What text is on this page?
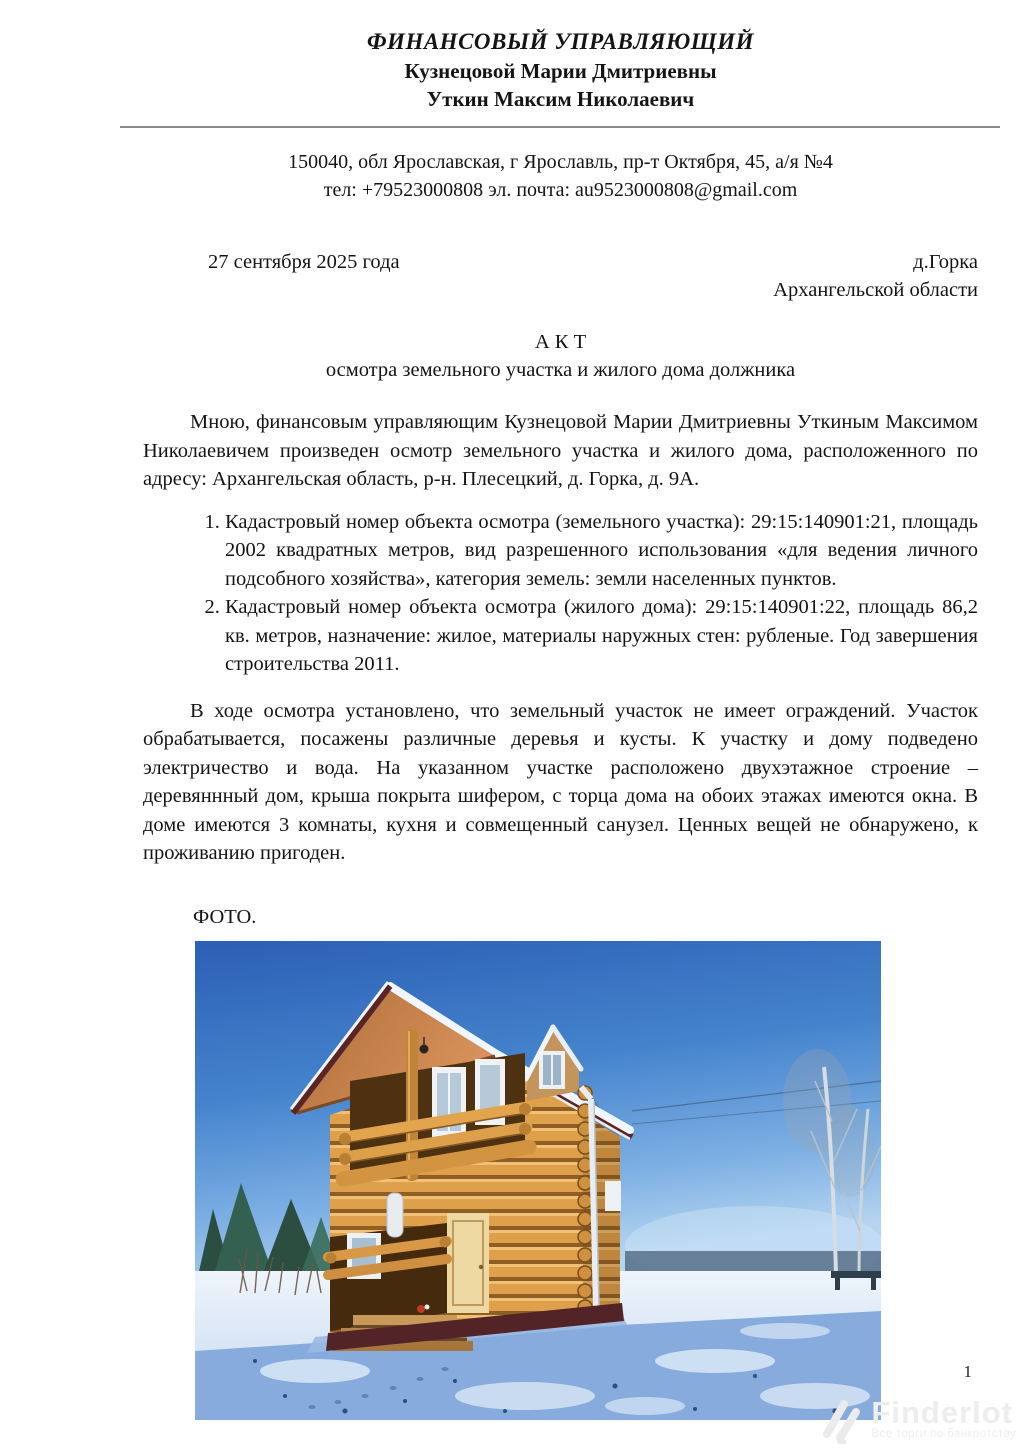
ФИНАНСОВЫЙ УПРАВЛЯЮЩИЙ
Кузнецовой Марии Дмитриевны
Уткин Максим Николаевич
150040, обл Ярославская, г Ярославль, пр-т Октября, 45, а/я №4
тел: +79523000808 эл. почта: au9523000808@gmail.com
27 сентября 2025 года	д.Горка
Архангельской области
А К Т
осмотра земельного участка и жилого дома должника

Мною, финансовым управляющим Кузнецовой Марии Дмитриевны Уткиным Максимом Николаевичем произведен осмотр земельного участка и жилого дома, расположенного по адресу: Архангельская область, р-н. Плесецкий, д. Горка, д. 9А.

1. Кадастровый номер объекта осмотра (земельного участка): 29:15:140901:21, площадь 2002 квадратных метров, вид разрешенного использования «для ведения личного подсобного хозяйства», категория земель: земли населенных пунктов.
2. Кадастровый номер объекта осмотра (жилого дома): 29:15:140901:22, площадь 86,2 кв. метров, назначение: жилое, материалы наружных стен: рубленые. Год завершения строительства 2011.

В ходе осмотра установлено, что земельный участок не имеет ограждений. Участок обрабатывается, посажены различные деревья и кусты. К участку и дому подведено электричество и вода. На указанном участке расположено двухэтажное строение – деревяннный дом, крыша покрыта шифером, с торца дома на обоих этажах имеются окна. В доме имеются 3 комнаты, кухня и совмещенный санузел. Ценных вещей не обнаружено, к проживанию пригоден.

ФОТО.
1
Finderlot
Все торги по банкротству
